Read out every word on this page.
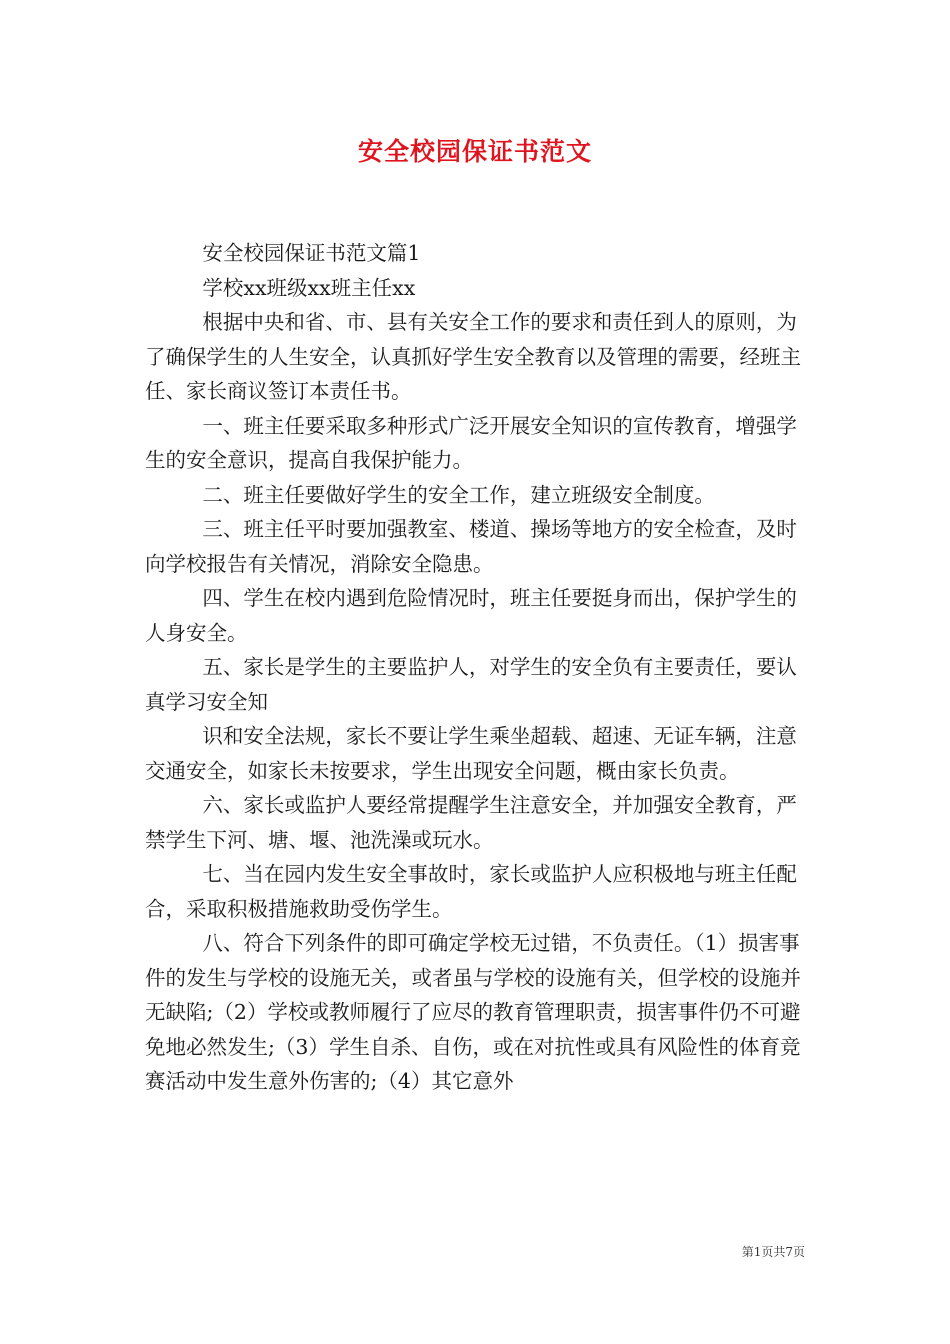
安全校园保证书范文

安全校园保证书范文篇1

学校xx班级xx班主任xx

根据中央和省、市、县有关安全工作的要求和责任到人的原则，为了确保学生的人生安全，认真抓好学生安全教育以及管理的需要，经班主任、家长商议签订本责任书。

一、班主任要采取多种形式广泛开展安全知识的宣传教育，增强学生的安全意识，提高自我保护能力。

二、班主任要做好学生的安全工作，建立班级安全制度。

三、班主任平时要加强教室、楼道、操场等地方的安全检查，及时向学校报告有关情况，消除安全隐患。

四、学生在校内遇到危险情况时，班主任要挺身而出，保护学生的人身安全。

五、家长是学生的主要监护人，对学生的安全负有主要责任，要认真学习安全知

识和安全法规，家长不要让学生乘坐超载、超速、无证车辆，注意交通安全，如家长未按要求，学生出现安全问题，概由家长负责。

六、家长或监护人要经常提醒学生注意安全，并加强安全教育，严禁学生下河、塘、堰、池洗澡或玩水。

七、当在园内发生安全事故时，家长或监护人应积极地与班主任配合，采取积极措施救助受伤学生。

八、符合下列条件的即可确定学校无过错，不负责任。（1）损害事件的发生与学校的设施无关，或者虽与学校的设施有关，但学校的设施并无缺陷;（2）学校或教师履行了应尽的教育管理职责，损害事件仍不可避免地必然发生;（3）学生自杀、自伤，或在对抗性或具有风险性的体育竞赛活动中发生意外伤害的;（4）其它意外

第1页共7页
